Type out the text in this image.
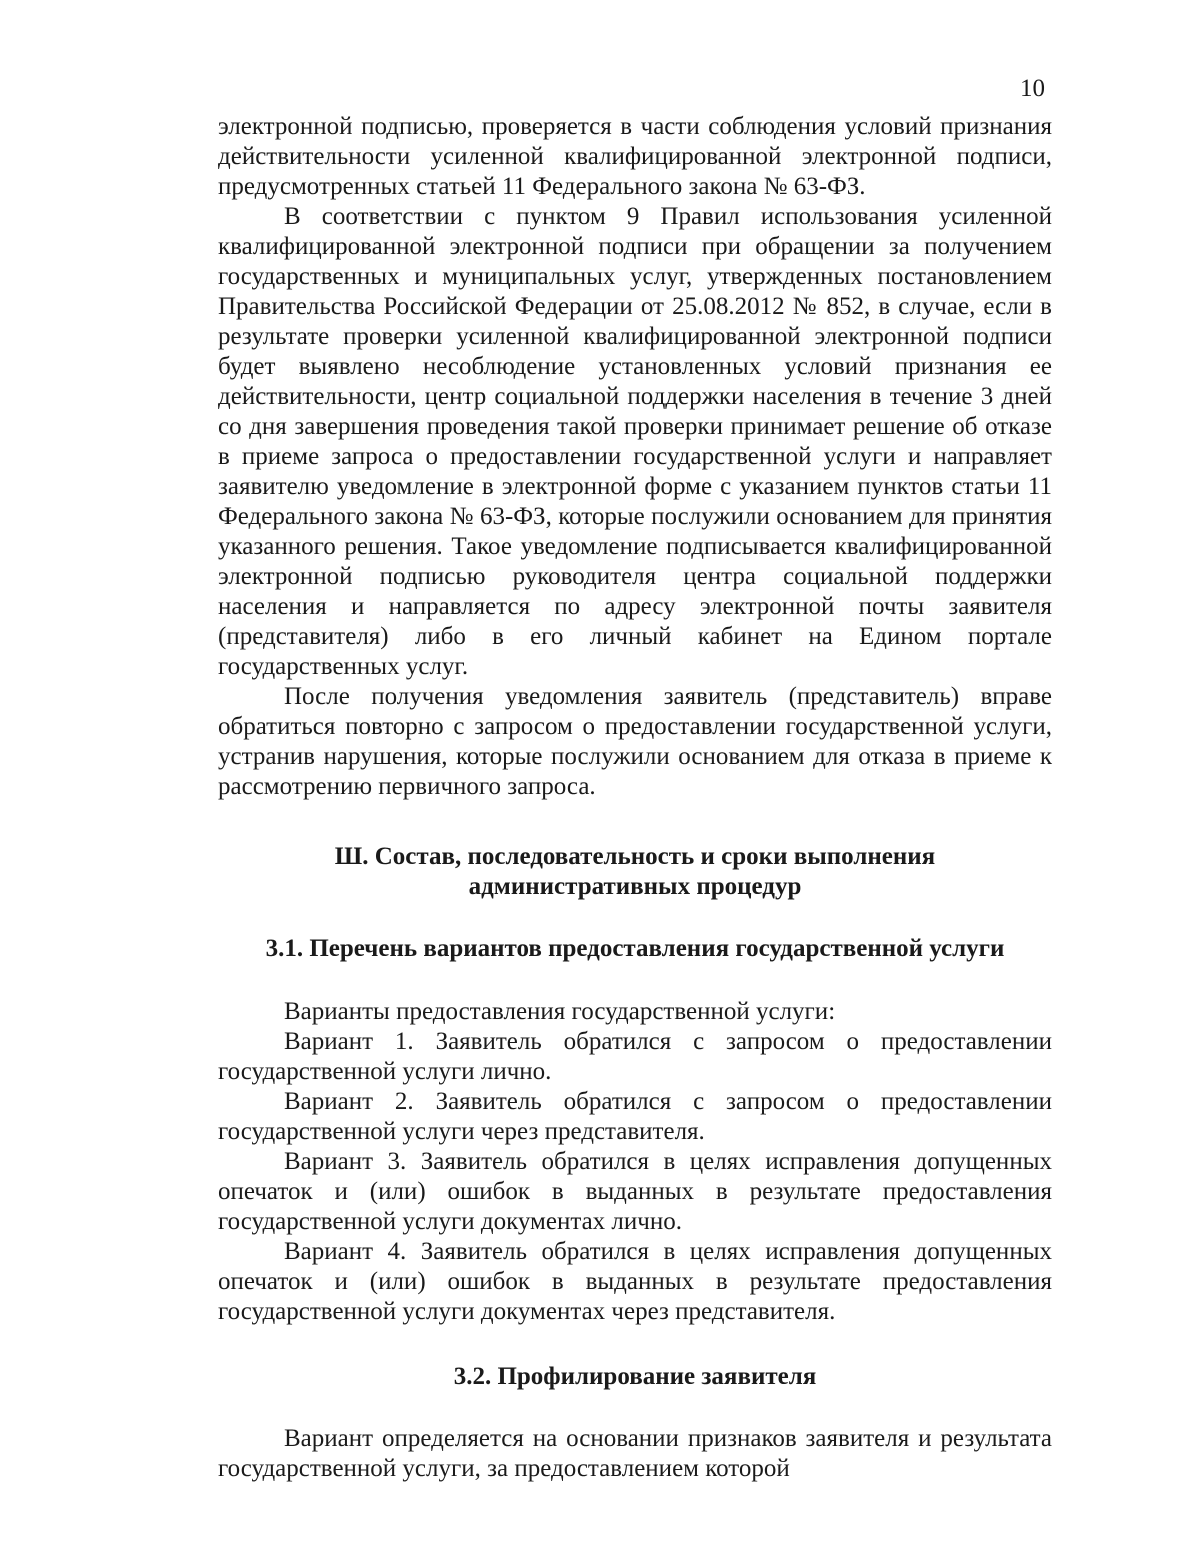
10

электронной подписью, проверяется в части соблюдения условий признания действительности усиленной квалифицированной электронной подписи, предусмотренных статьей 11 Федерального закона № 63-ФЗ.

В соответствии с пунктом 9 Правил использования усиленной квалифицированной электронной подписи при обращении за получением государственных и муниципальных услуг, утвержденных постановлением Правительства Российской Федерации от 25.08.2012 № 852, в случае, если в результате проверки усиленной квалифицированной электронной подписи будет выявлено несоблюдение установленных условий признания ее действительности, центр социальной поддержки населения в течение 3 дней со дня завершения проведения такой проверки принимает решение об отказе в приеме запроса о предоставлении государственной услуги и направляет заявителю уведомление в электронной форме с указанием пунктов статьи 11 Федерального закона № 63-ФЗ, которые послужили основанием для принятия указанного решения. Такое уведомление подписывается квалифицированной электронной подписью руководителя центра социальной поддержки населения и направляется по адресу электронной почты заявителя (представителя) либо в его личный кабинет на Едином портале государственных услуг.

После получения уведомления заявитель (представитель) вправе обратиться повторно с запросом о предоставлении государственной услуги, устранив нарушения, которые послужили основанием для отказа в приеме к рассмотрению первичного запроса.

Ш. Состав, последовательность и сроки выполнения
административных процедур
3.1. Перечень вариантов предоставления государственной услуги

Варианты предоставления государственной услуги:

Вариант 1. Заявитель обратился с запросом о предоставлении государственной услуги лично.

Вариант 2. Заявитель обратился с запросом о предоставлении государственной услуги через представителя.

Вариант 3. Заявитель обратился в целях исправления допущенных опечаток и (или) ошибок в выданных в результате предоставления государственной услуги документах лично.

Вариант 4. Заявитель обратился в целях исправления допущенных опечаток и (или) ошибок в выданных в результате предоставления государственной услуги документах через представителя.

3.2. Профилирование заявителя

Вариант определяется на основании признаков заявителя и результата государственной услуги, за предоставлением которой
